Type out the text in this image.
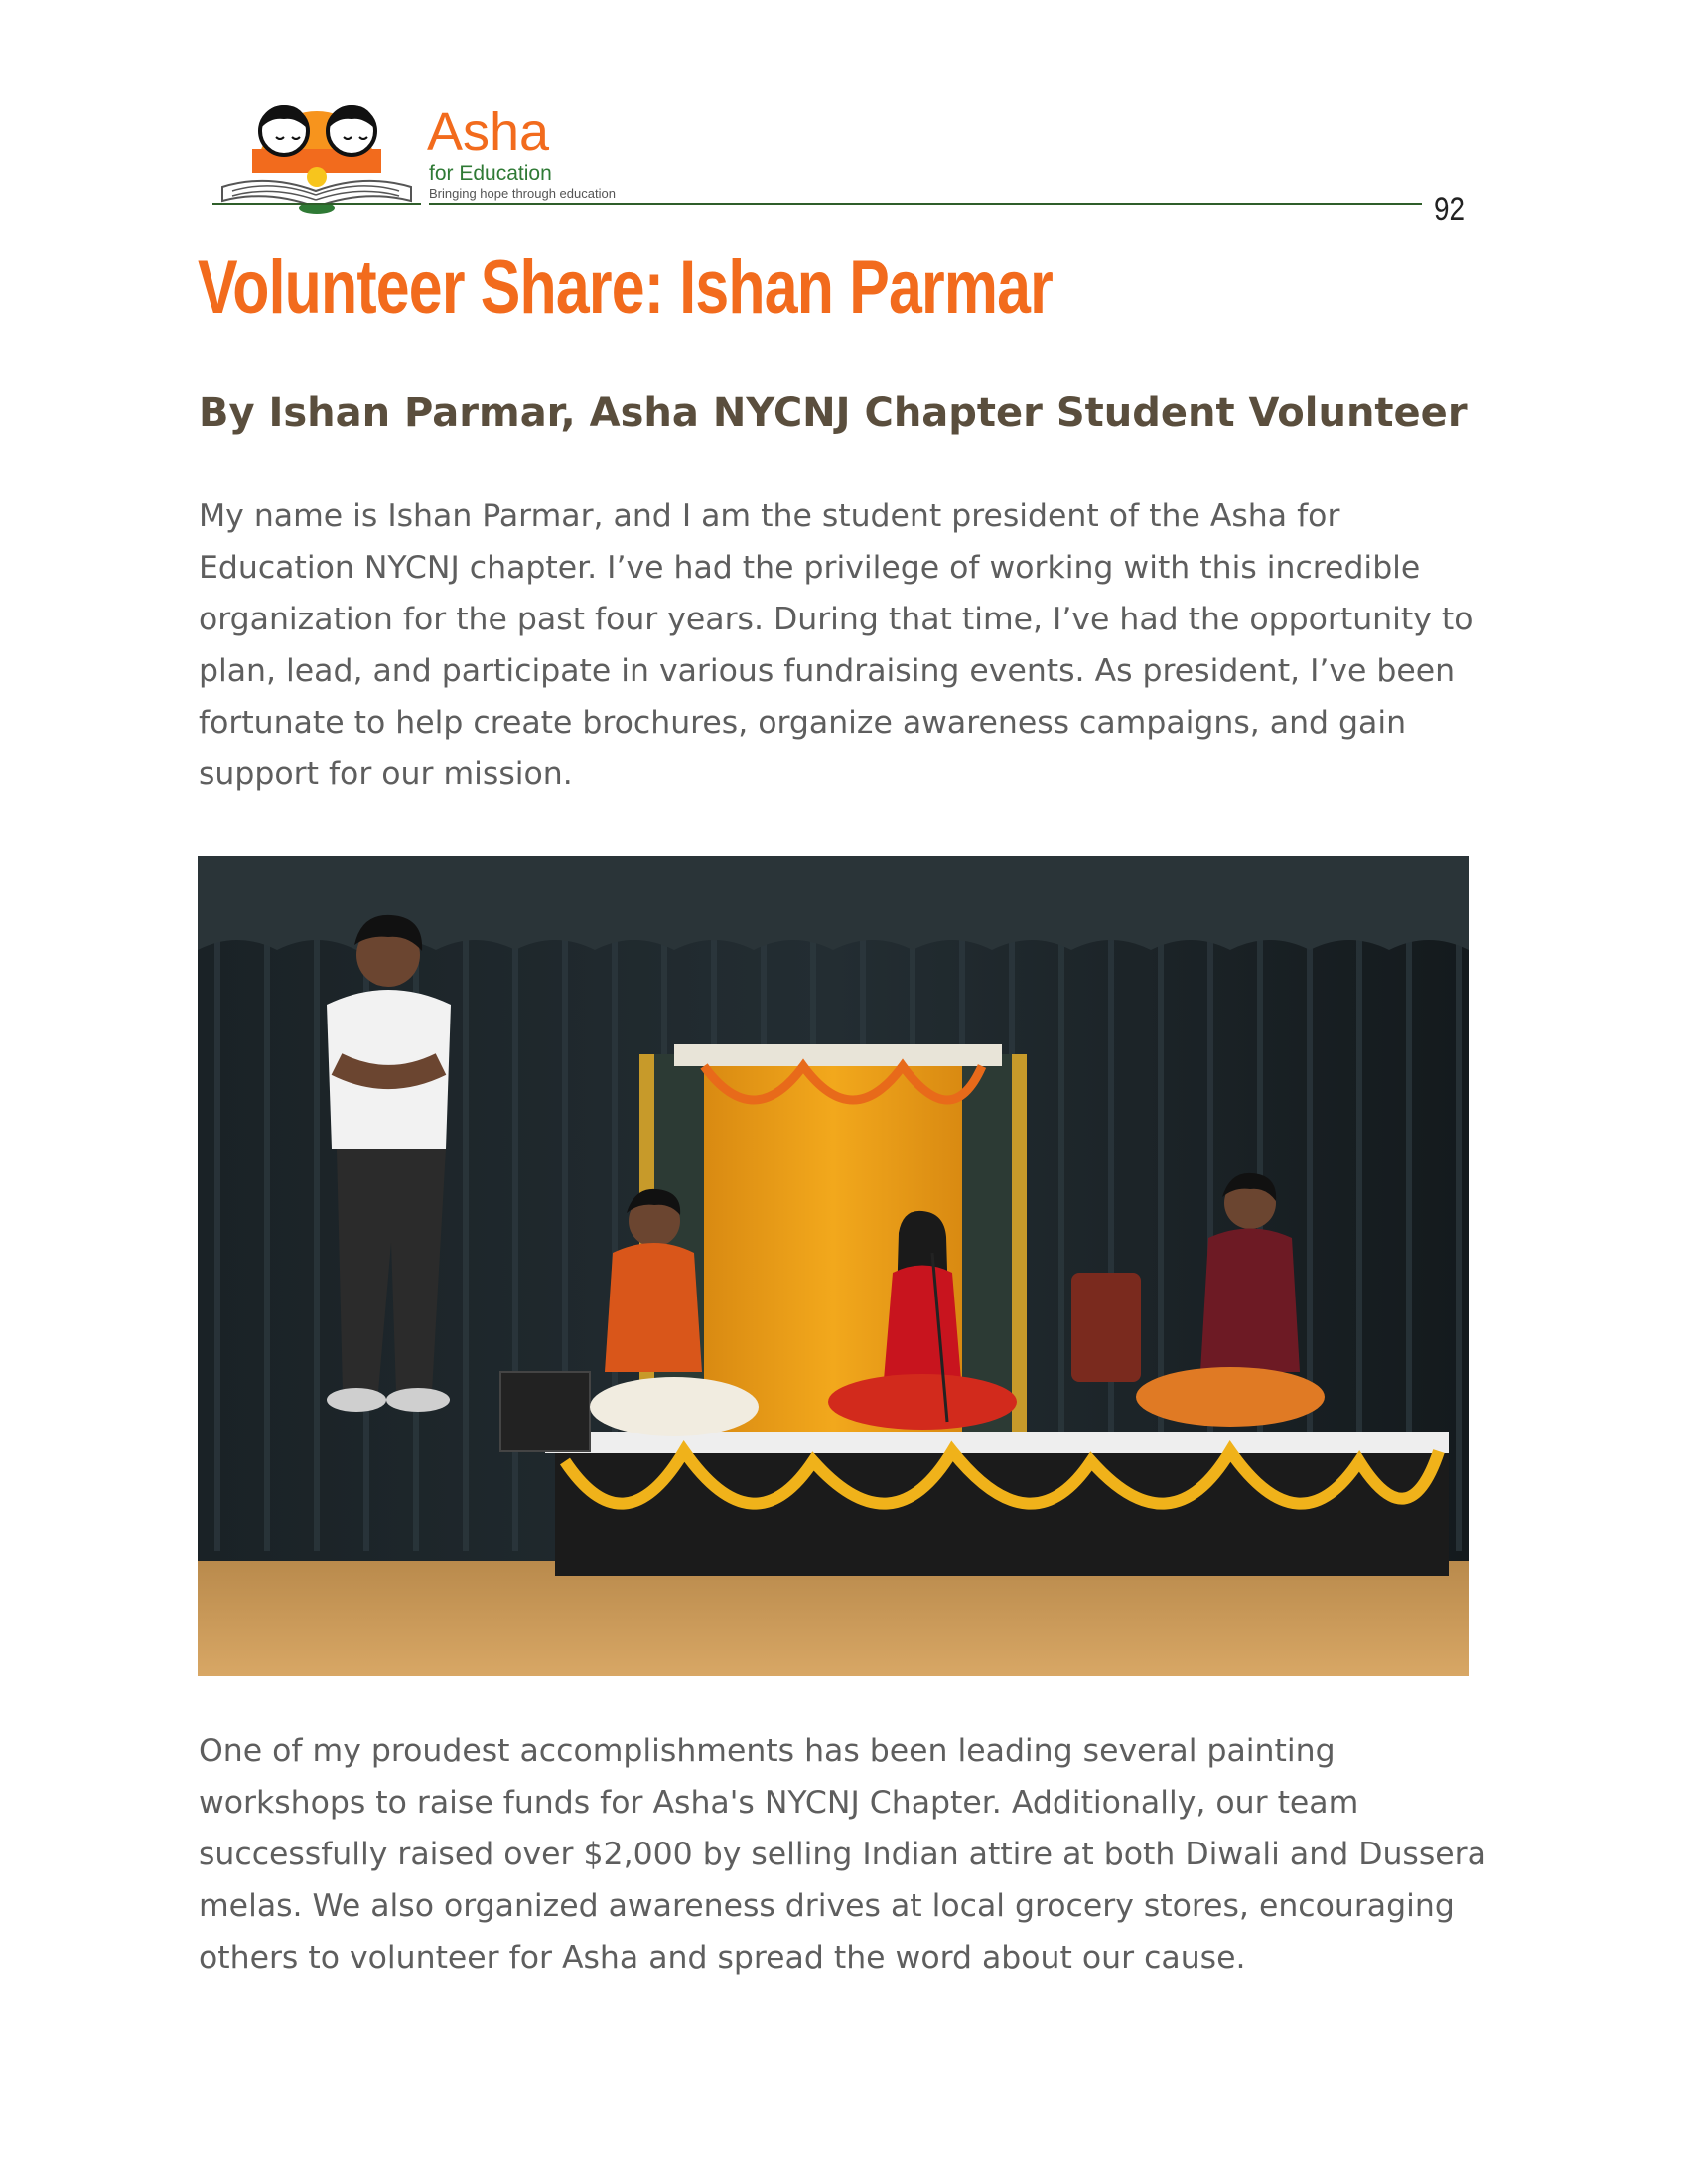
Asha
for Education
Bringing hope through education	92
Volunteer Share: Ishan Parmar
By Ishan Parmar, Asha NYCNJ Chapter Student Volunteer

My name is Ishan Parmar, and I am the student president of the Asha for Education NYCNJ chapter. I’ve had the privilege of working with this incredible organization for the past four years. During that time, I’ve had the opportunity to plan, lead, and participate in various fundraising events. As president, I’ve been fortunate to help create brochures, organize awareness campaigns, and gain support for our mission.

One of my proudest accomplishments has been leading several painting workshops to raise funds for Asha's NYCNJ Chapter. Additionally, our team successfully raised over $2,000 by selling Indian attire at both Diwali and Dussera melas. We also organized awareness drives at local grocery stores, encouraging others to volunteer for Asha and spread the word about our cause.
